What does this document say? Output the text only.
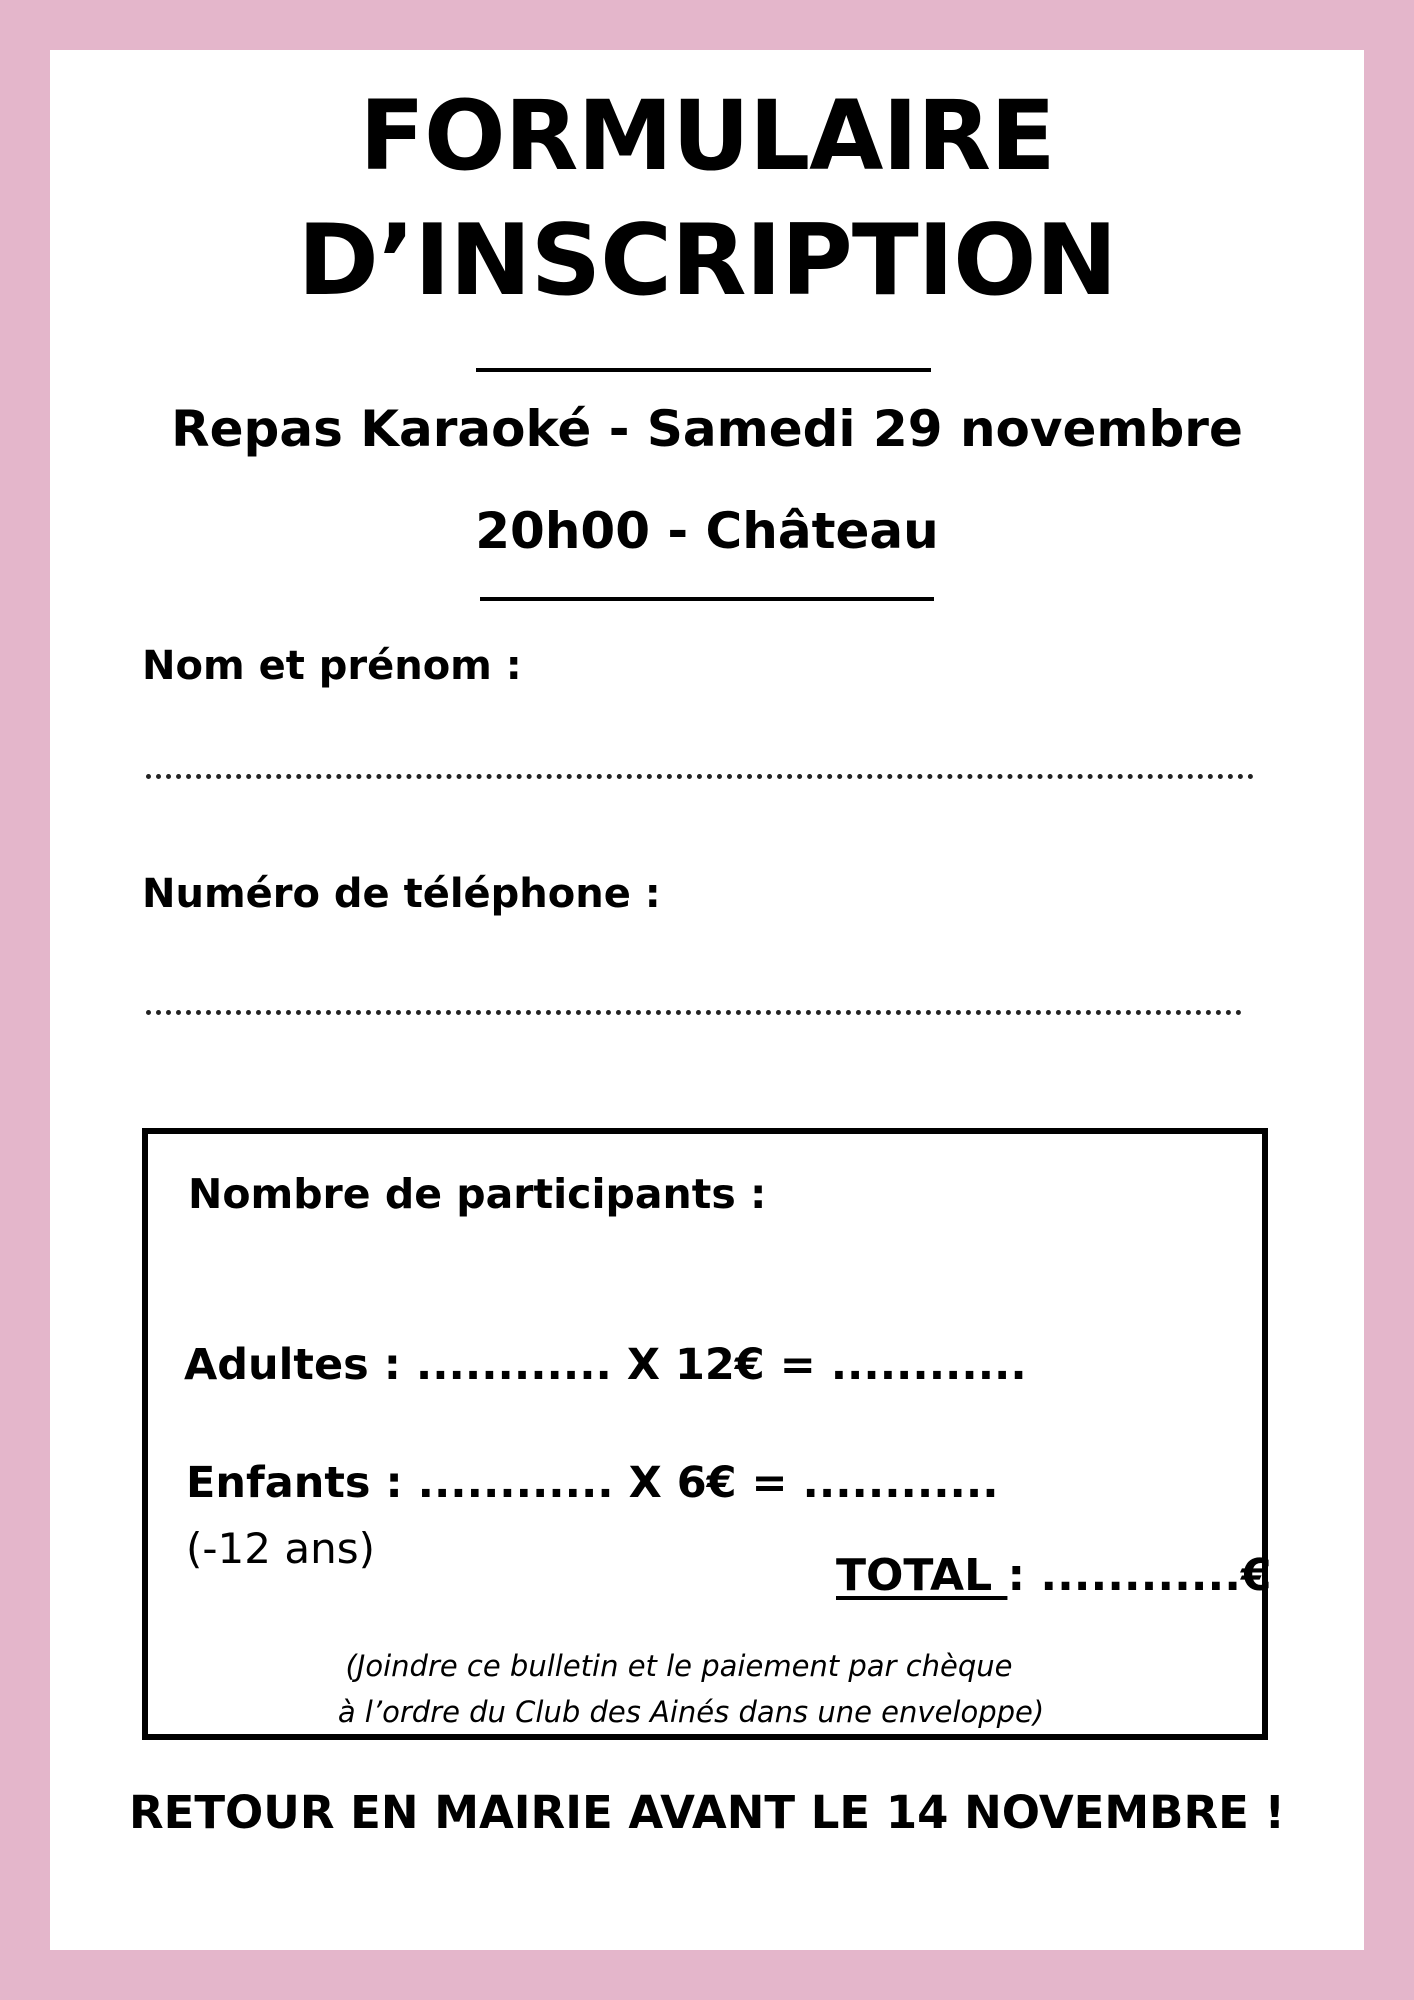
FORMULAIRE
D’INSCRIPTION
Repas Karaoké - Samedi 29 novembre
20h00 - Château
Nom et prénom :
Numéro de téléphone :
Nombre de participants :
Adultes : ............ X 12€ = ............
Enfants : ............ X 6€ = ............
(-12 ans)
TOTAL : ............€
(Joindre ce bulletin et le paiement par chèque
à l’ordre du Club des Ainés dans une enveloppe)
RETOUR EN MAIRIE AVANT LE 14 NOVEMBRE !
